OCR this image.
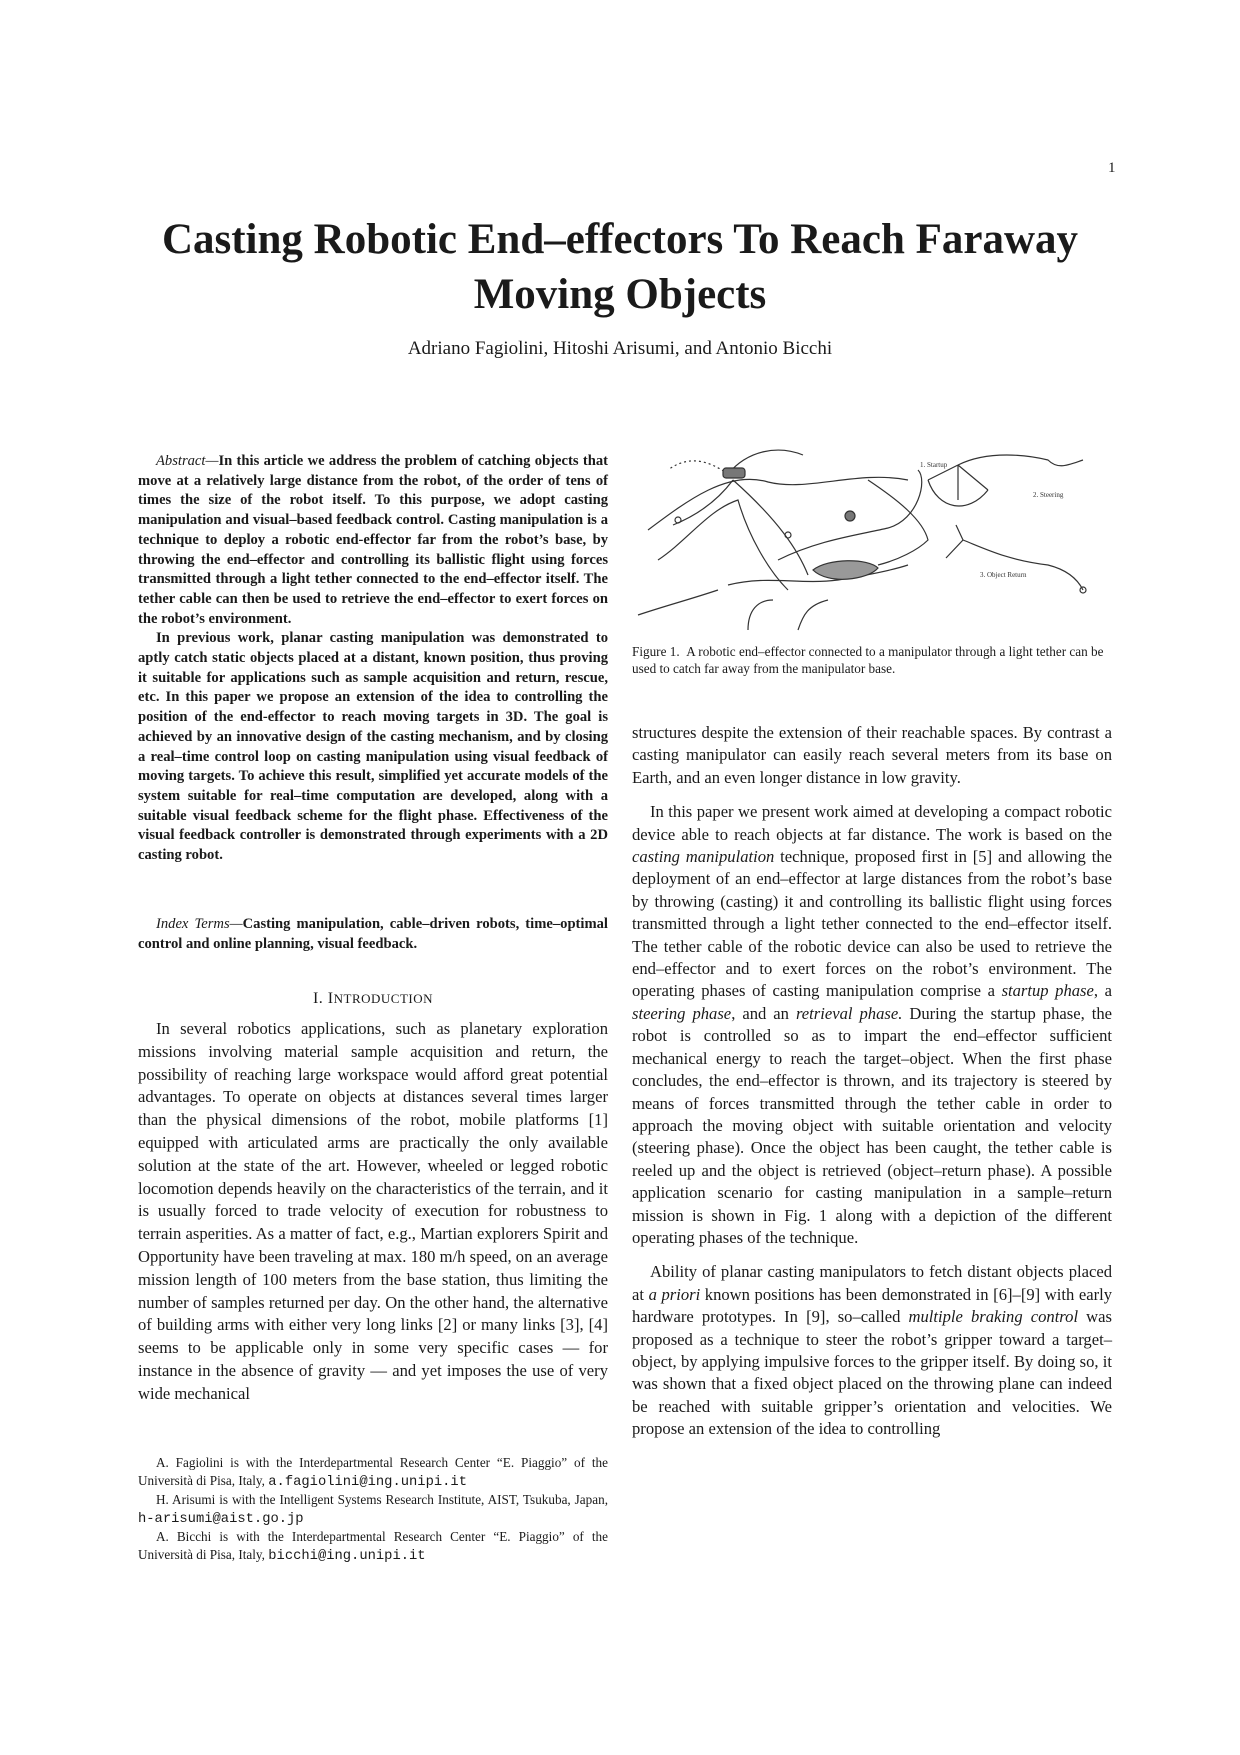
1
Casting Robotic End–effectors To Reach Faraway Moving Objects
Adriano Fagiolini, Hitoshi Arisumi, and Antonio Bicchi

Abstract—In this article we address the problem of catching objects that move at a relatively large distance from the robot, of the order of tens of times the size of the robot itself. To this purpose, we adopt casting manipulation and visual–based feedback control. Casting manipulation is a technique to deploy a robotic end-effector far from the robot’s base, by throwing the end–effector and controlling its ballistic flight using forces transmitted through a light tether connected to the end–effector itself. The tether cable can then be used to retrieve the end–effector to exert forces on the robot’s environment.

In previous work, planar casting manipulation was demonstrated to aptly catch static objects placed at a distant, known position, thus proving it suitable for applications such as sample acquisition and return, rescue, etc. In this paper we propose an extension of the idea to controlling the position of the end-effector to reach moving targets in 3D. The goal is achieved by an innovative design of the casting mechanism, and by closing a real–time control loop on casting manipulation using visual feedback of moving targets. To achieve this result, simplified yet accurate models of the system suitable for real–time computation are developed, along with a suitable visual feedback scheme for the flight phase. Effectiveness of the visual feedback controller is demonstrated through experiments with a 2D casting robot.

Index Terms—Casting manipulation, cable–driven robots, time–optimal control and online planning, visual feedback.
I. INTRODUCTION

In several robotics applications, such as planetary exploration missions involving material sample acquisition and return, the possibility of reaching large workspace would afford great potential advantages. To operate on objects at distances several times larger than the physical dimensions of the robot, mobile platforms [1] equipped with articulated arms are practically the only available solution at the state of the art. However, wheeled or legged robotic locomotion depends heavily on the characteristics of the terrain, and it is usually forced to trade velocity of execution for robustness to terrain asperities. As a matter of fact, e.g., Martian explorers Spirit and Opportunity have been traveling at max. 180 m/h speed, on an average mission length of 100 meters from the base station, thus limiting the number of samples returned per day. On the other hand, the alternative of building arms with either very long links [2] or many links [3], [4] seems to be applicable only in some very specific cases — for instance in the absence of gravity — and yet imposes the use of very wide mechanical

A. Fagiolini is with the Interdepartmental Research Center “E. Piaggio” of the Università di Pisa, Italy, a.fagiolini@ing.unipi.it

H. Arisumi is with the Intelligent Systems Research Institute, AIST, Tsukuba, Japan, h-arisumi@aist.go.jp

A. Bicchi is with the Interdepartmental Research Center “E. Piaggio” of the Università di Pisa, Italy, bicchi@ing.unipi.it

1. Startup
2. Steering
3. Object Return
Figure 1. A robotic end–effector connected to a manipulator through a light tether can be used to catch far away from the manipulator base.

structures despite the extension of their reachable spaces. By contrast a casting manipulator can easily reach several meters from its base on Earth, and an even longer distance in low gravity.

In this paper we present work aimed at developing a compact robotic device able to reach objects at far distance. The work is based on the casting manipulation technique, proposed first in [5] and allowing the deployment of an end–effector at large distances from the robot’s base by throwing (casting) it and controlling its ballistic flight using forces transmitted through a light tether connected to the end–effector itself. The tether cable of the robotic device can also be used to retrieve the end–effector and to exert forces on the robot’s environment. The operating phases of casting manipulation comprise a startup phase, a steering phase, and an retrieval phase. During the startup phase, the robot is controlled so as to impart the end–effector sufficient mechanical energy to reach the target–object. When the first phase concludes, the end–effector is thrown, and its trajectory is steered by means of forces transmitted through the tether cable in order to approach the moving object with suitable orientation and velocity (steering phase). Once the object has been caught, the tether cable is reeled up and the object is retrieved (object–return phase). A possible application scenario for casting manipulation in a sample–return mission is shown in Fig. 1 along with a depiction of the different operating phases of the technique.

Ability of planar casting manipulators to fetch distant objects placed at a priori known positions has been demonstrated in [6]–[9] with early hardware prototypes. In [9], so–called multiple braking control was proposed as a technique to steer the robot’s gripper toward a target–object, by applying impulsive forces to the gripper itself. By doing so, it was shown that a fixed object placed on the throwing plane can indeed be reached with suitable gripper’s orientation and velocities. We propose an extension of the idea to controlling
